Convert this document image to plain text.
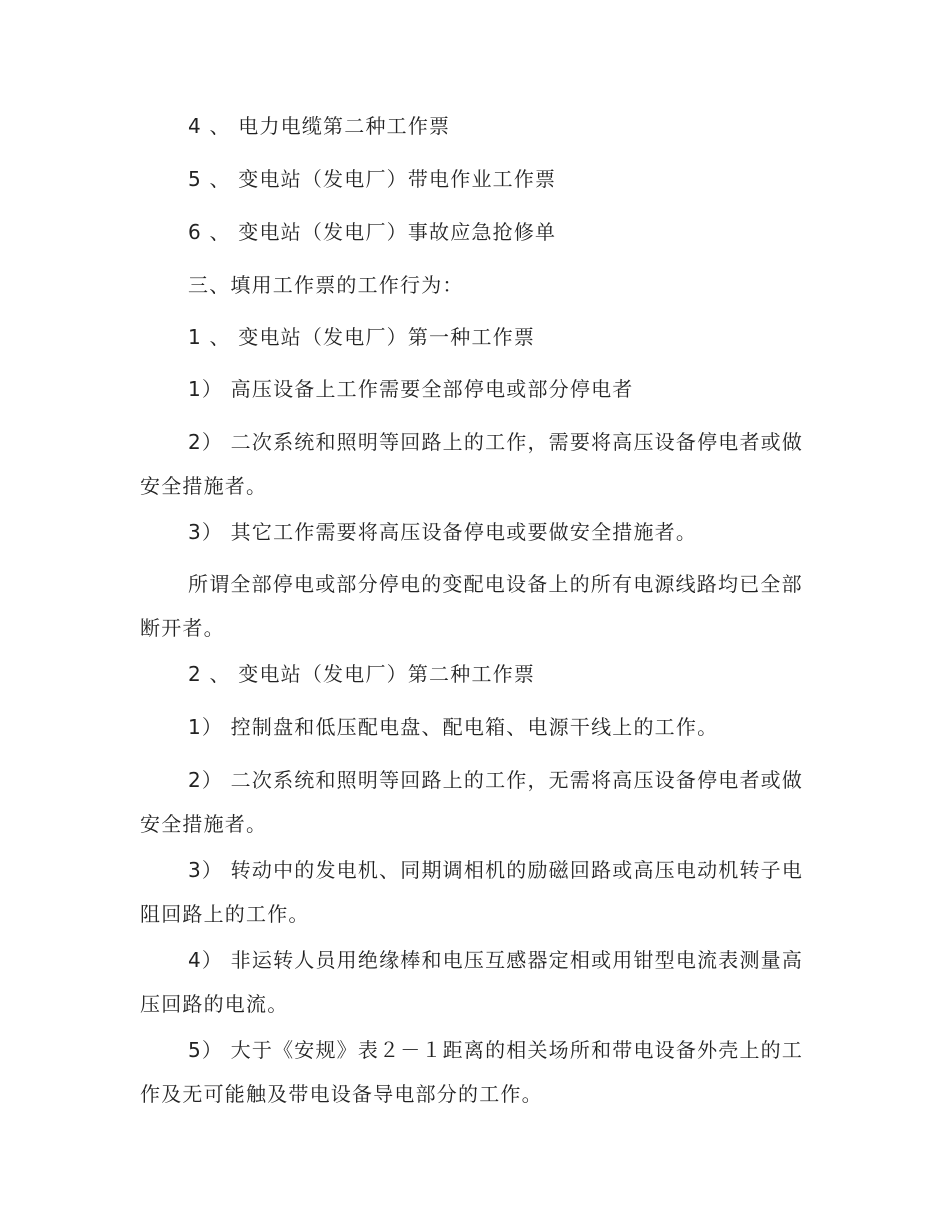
4 、 电力电缆第二种工作票

5 、 变电站（发电厂）带电作业工作票

6 、 变电站（发电厂）事故应急抢修单

三、填用工作票的工作行为：

1 、 变电站（发电厂）第一种工作票

1） 高压设备上工作需要全部停电或部分停电者

2） 二次系统和照明等回路上的工作，需要将高压设备停电者或做安全措施者。

3） 其它工作需要将高压设备停电或要做安全措施者。

所谓全部停电或部分停电的变配电设备上的所有电源线路均已全部断开者。

2 、 变电站（发电厂）第二种工作票

1） 控制盘和低压配电盘、配电箱、电源干线上的工作。

2） 二次系统和照明等回路上的工作，无需将高压设备停电者或做安全措施者。

3） 转动中的发电机、同期调相机的励磁回路或高压电动机转子电阻回路上的工作。

4） 非运转人员用绝缘棒和电压互感器定相或用钳型电流表测量高压回路的电流。

5） 大于《安规》表２－１距离的相关场所和带电设备外壳上的工作及无可能触及带电设备导电部分的工作。
